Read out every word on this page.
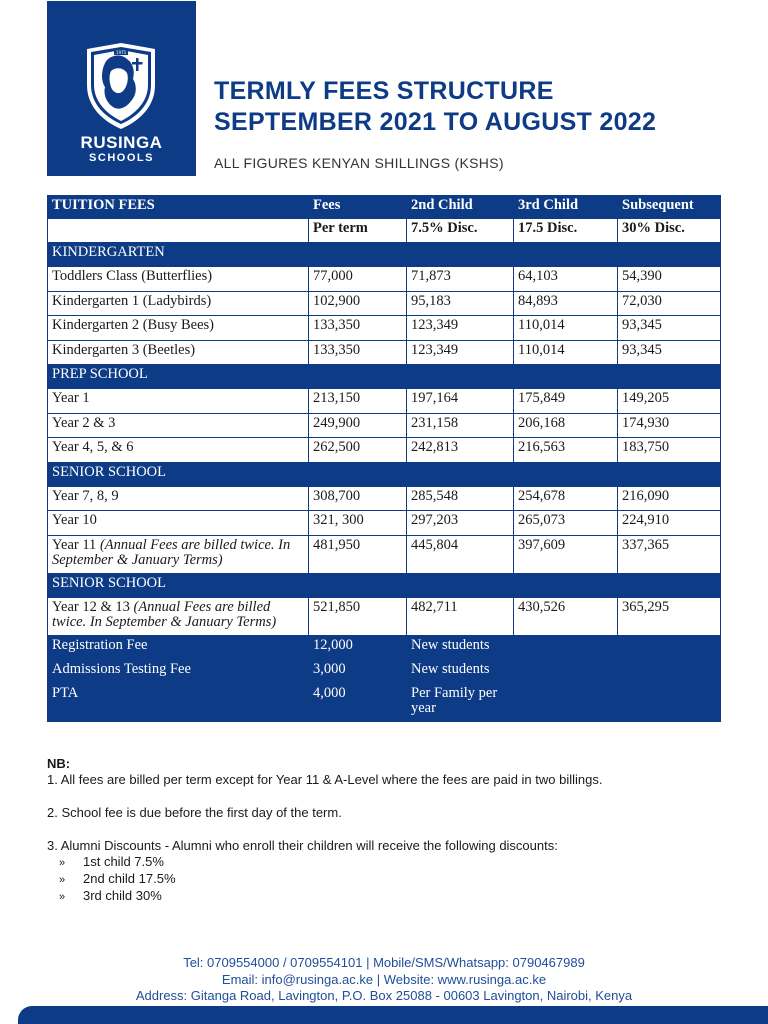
1975
RUSINGA
SCHOOLS
TERMLY FEES STRUCTURE
SEPTEMBER 2021 TO AUGUST 2022
ALL FIGURES KENYAN SHILLINGS (KSHS)
TUITION FEES	Fees	2nd Child	3rd Child	Subsequent
	Per term	7.5% Disc.	17.5 Disc.	30% Disc.
KINDERGARTEN				
Toddlers Class (Butterflies)	77,000	71,873	64,103	54,390
Kindergarten 1 (Ladybirds)	102,900	95,183	84,893	72,030
Kindergarten 2 (Busy Bees)	133,350	123,349	110,014	93,345
Kindergarten 3 (Beetles)	133,350	123,349	110,014	93,345
PREP SCHOOL				
Year 1	213,150	197,164	175,849	149,205
Year 2 & 3	249,900	231,158	206,168	174,930
Year 4, 5, & 6	262,500	242,813	216,563	183,750
SENIOR SCHOOL				
Year 7, 8, 9	308,700	285,548	254,678	216,090
Year 10	321, 300	297,203	265,073	224,910
Year 11 (Annual Fees are billed twice. In September & January Terms)	481,950	445,804	397,609	337,365
SENIOR SCHOOL				
Year 12 & 13 (Annual Fees are billed twice. In September & January Terms)	521,850	482,711	430,526	365,295
Registration Fee	12,000	New students		
Admissions Testing Fee	3,000	New students		
PTA	4,000	Per Family per year		

NB:

1. All fees are billed per term except for Year 11 & A-Level where the fees are paid in two billings.

2. School fee is due before the first day of the term.

3. Alumni Discounts - Alumni who enroll their children will receive the following discounts:

» 1st child 7.5%

» 2nd child 17.5%

» 3rd child 30%

Tel: 0709554000 / 0709554101 | Mobile/SMS/Whatsapp: 0790467989
Email: info@rusinga.ac.ke | Website: www.rusinga.ac.ke
Address: Gitanga Road, Lavington, P.O. Box 25088 - 00603 Lavington, Nairobi, Kenya
